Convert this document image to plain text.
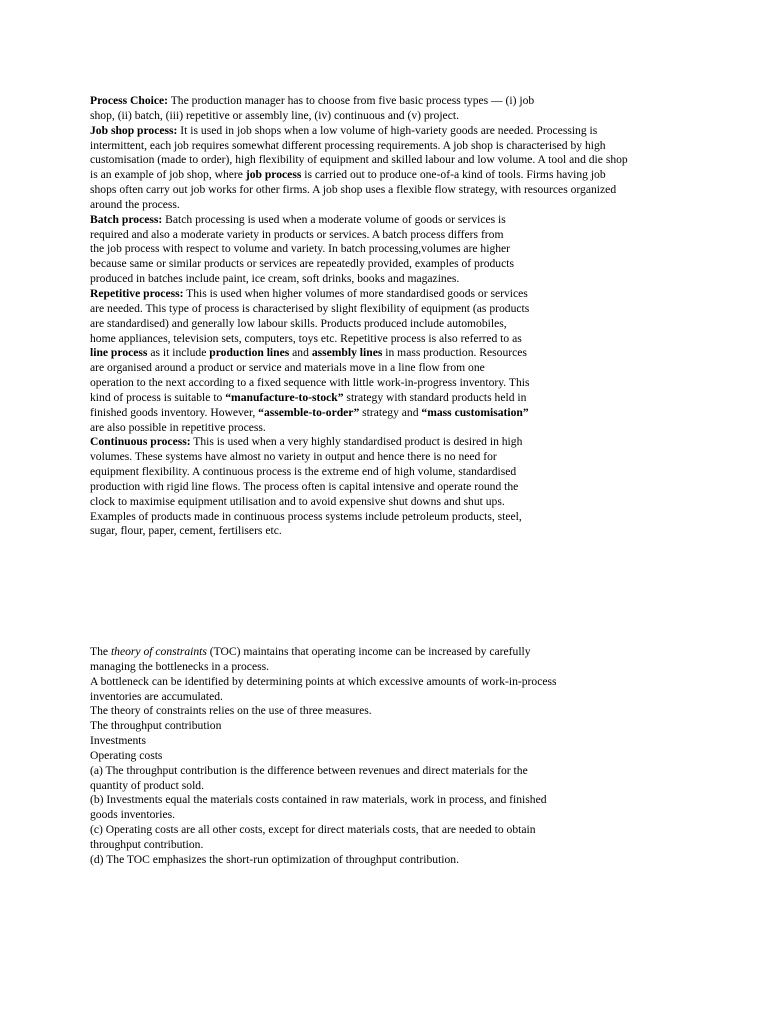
Process Choice: The production manager has to choose from five basic process types — (i) job
shop, (ii) batch, (iii) repetitive or assembly line, (iv) continuous and (v) project.
Job shop process: It is used in job shops when a low volume of high-variety goods are needed. Processing is
intermittent, each job requires somewhat different processing requirements. A job shop is characterised by high
customisation (made to order), high flexibility of equipment and skilled labour and low volume. A tool and die shop
is an example of job shop, where job process is carried out to produce one-of-a kind of tools. Firms having job
shops often carry out job works for other firms. A job shop uses a flexible flow strategy, with resources organized
around the process.
Batch process: Batch processing is used when a moderate volume of goods or services is
required and also a moderate variety in products or services. A batch process differs from
the job process with respect to volume and variety. In batch processing,volumes are higher
because same or similar products or services are repeatedly provided, examples of products
produced in batches include paint, ice cream, soft drinks, books and magazines.
Repetitive process: This is used when higher volumes of more standardised goods or services
are needed. This type of process is characterised by slight flexibility of equipment (as products
are standardised) and generally low labour skills. Products produced include automobiles,
home appliances, television sets, computers, toys etc. Repetitive process is also referred to as
line process as it include production lines and assembly lines in mass production. Resources
are organised around a product or service and materials move in a line flow from one
operation to the next according to a fixed sequence with little work-in-progress inventory. This
kind of process is suitable to “manufacture-to-stock” strategy with standard products held in
finished goods inventory. However, “assemble-to-order” strategy and “mass customisation”
are also possible in repetitive process.
Continuous process: This is used when a very highly standardised product is desired in high
volumes. These systems have almost no variety in output and hence there is no need for
equipment flexibility. A continuous process is the extreme end of high volume, standardised
production with rigid line flows. The process often is capital intensive and operate round the
clock to maximise equipment utilisation and to avoid expensive shut downs and shut ups.
Examples of products made in continuous process systems include petroleum products, steel,
sugar, flour, paper, cement, fertilisers etc.
The theory of constraints (TOC) maintains that operating income can be increased by carefully
managing the bottlenecks in a process.
A bottleneck can be identified by determining points at which excessive amounts of work-in-process
inventories are accumulated.
The theory of constraints relies on the use of three measures.
The throughput contribution
Investments
Operating costs
(a) The throughput contribution is the difference between revenues and direct materials for the
quantity of product sold.
(b) Investments equal the materials costs contained in raw materials, work in process, and finished
goods inventories.
(c) Operating costs are all other costs, except for direct materials costs, that are needed to obtain
throughput contribution.
(d) The TOC emphasizes the short-run optimization of throughput contribution.
